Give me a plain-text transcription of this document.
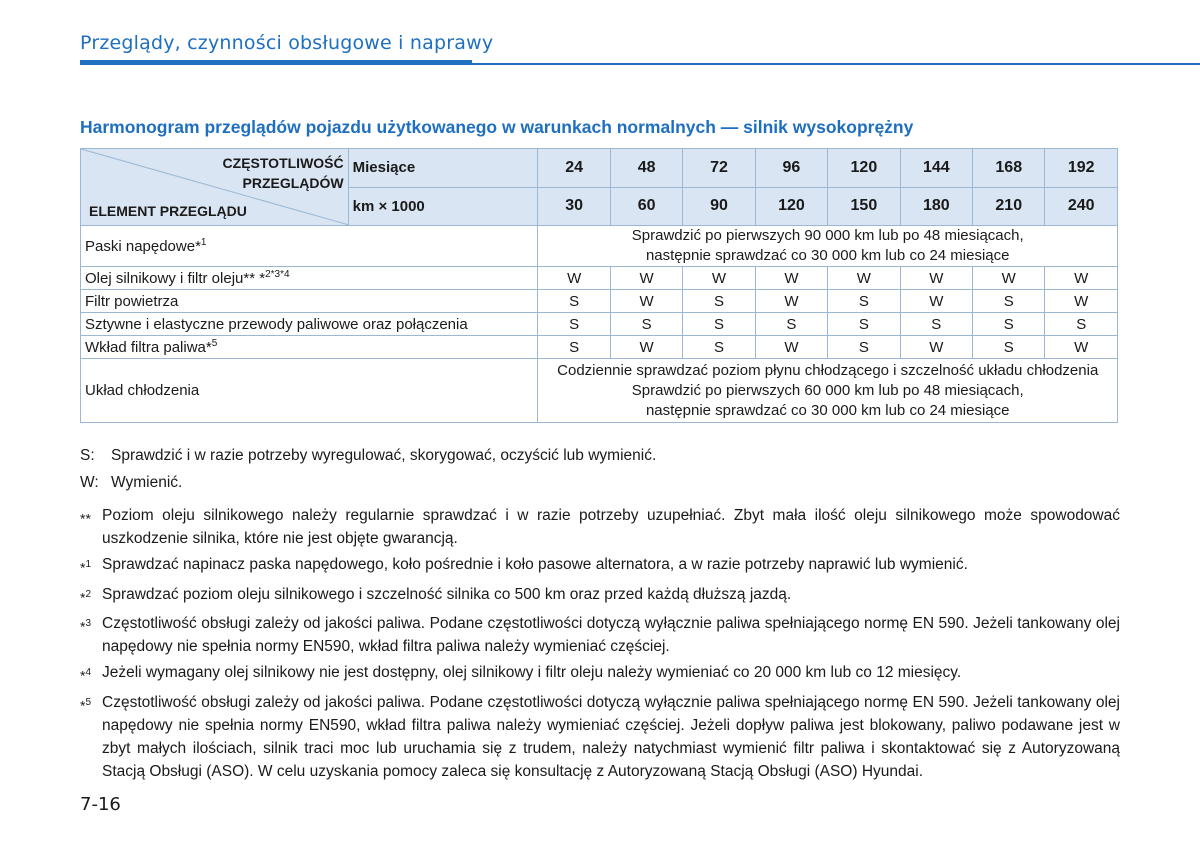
Przeglądy, czynności obsługowe i naprawy
Harmonogram przeglądów pojazdu użytkowanego w warunkach normalnych — silnik wysokoprężny
CZĘSTOTLIWOŚĆ
PRZEGLĄDÓW
ELEMENT PRZEGLĄDU	Miesiące	24	48	72	96	120	144	168	192
	km × 1000	30	60	90	120	150	180	210	240
Paski napędowe*$^1$		Sprawdzić po pierwszych 90 000 km lub po 48 miesiącach,
następnie sprawdzać co 30 000 km lub co 24 miesiące							

Olej silnikowy i filtr oleju** *$^{2*3*4}$		W	W	W	W	W	W	W	W
Filtr powietrza		S	W	S	W	S	W	S	W
Sztywne i elastyczne przewody paliwowe oraz połączenia		S	S	S	S	S	S	S	S
Wkład filtra paliwa*$^5$		S	W	S	W	S	W	S	W
Układ chłodzenia		Codziennie sprawdzać poziom płynu chłodzącego i szczelność układu chłodzenia
Sprawdzić po pierwszych 60 000 km lub po 48 miesiącach,
następnie sprawdzać co 30 000 km lub co 24 miesiące							
S: Sprawdzić i w razie potrzeby wyregulować, skorygować, oczyścić lub wymienić.
W: Wymienić.
** Poziom oleju silnikowego należy regularnie sprawdzać i w razie potrzeby uzupełniać. Zbyt mała ilość oleju silnikowego może spowodować uszkodzenie silnika, które nie jest objęte gwarancją.
*$^1$ Sprawdzać napinacz paska napędowego, koło pośrednie i koło pasowe alternatora, a w razie potrzeby naprawić lub wymienić.
*$^2$ Sprawdzać poziom oleju silnikowego i szczelność silnika co 500 km oraz przed każdą dłuższą jazdą.
*$^3$ Częstotliwość obsługi zależy od jakości paliwa. Podane częstotliwości dotyczą wyłącznie paliwa spełniającego normę EN 590. Jeżeli tankowany olej napędowy nie spełnia normy EN590, wkład filtra paliwa należy wymieniać częściej.
*$^4$ Jeżeli wymagany olej silnikowy nie jest dostępny, olej silnikowy i filtr oleju należy wymieniać co 20 000 km lub co 12 miesięcy.
*$^5$ Częstotliwość obsługi zależy od jakości paliwa. Podane częstotliwości dotyczą wyłącznie paliwa spełniającego normę EN 590. Jeżeli tankowany olej napędowy nie spełnia normy EN590, wkład filtra paliwa należy wymieniać częściej. Jeżeli dopływ paliwa jest blokowany, paliwo podawane jest w zbyt małych ilościach, silnik traci moc lub uruchamia się z trudem, należy natychmiast wymienić filtr paliwa i skontaktować się z Autoryzowaną Stacją Obsługi (ASO). W celu uzyskania pomocy zaleca się konsultację z Autoryzowaną Stacją Obsługi (ASO) Hyundai.
7-16
